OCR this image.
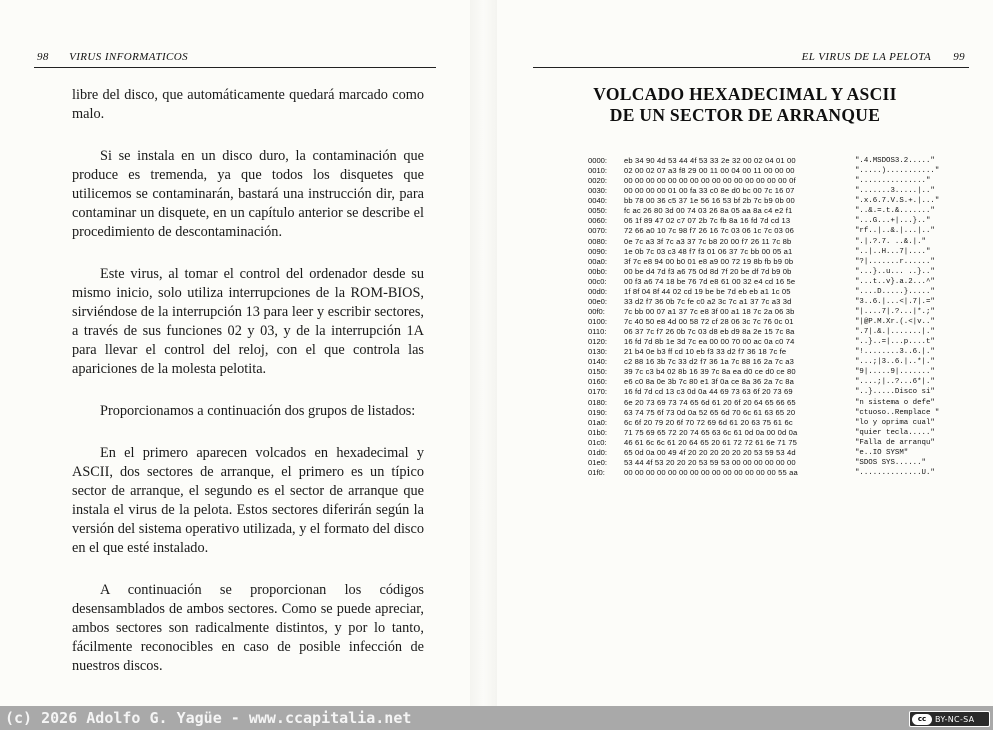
98 VIRUS INFORMATICOS

libre del disco, que automáticamente quedará marcado como malo.

Si se instala en un disco duro, la contaminación que produce es tremenda, ya que todos los disquetes que utilicemos se contaminarán, bastará una instrucción dir, para contaminar un disquete, en un capítulo anterior se describe el procedimiento de descontaminación.

Este virus, al tomar el control del ordenador desde su mismo inicio, solo utiliza interrupciones de la ROM-BIOS, sirviéndose de la interrupción 13 para leer y escribir sectores, a través de sus funciones 02 y 03, y de la interrupción 1A para llevar el control del reloj, con el que controla las apariciones de la molesta pelotita.

Proporcionamos a continuación dos grupos de listados:

En el primero aparecen volcados en hexadecimal y ASCII, dos sectores de arranque, el primero es un típico sector de arranque, el segundo es el sector de arranque que instala el virus de la pelota. Estos sectores diferirán según la versión del sistema operativo utilizada, y el formato del disco en el que esté instalado.

A continuación se proporcionan los códigos desensamblados de ambos sectores. Como se puede apreciar, ambos sectores son radicalmente distintos, y por lo tanto, fácilmente reconocibles en caso de posible infección de nuestros discos.

EL VIRUS DE LA PELOTA 99
VOLCADO HEXADECIMAL Y ASCII
DE UN SECTOR DE ARRANQUE
0000: eb 34 90 4d 53 44 4f 53 33 2e 32 00 02 04 01 00	".4.MSDOS3.2....."
0010: 02 00 02 07 a3 f8 29 00 11 00 04 00 11 00 00 00	".....)..........."
0020: 00 00 00 00 00 00 00 00 00 00 00 00 00 00 00 0f	"..............."
0030: 00 00 00 00 01 00 fa 33 c0 8e d0 bc 00 7c 16 07	".......3.....|.."
0040: bb 78 00 36 c5 37 1e 56 16 53 bf 2b 7c b9 0b 00	".x.6.7.V.S.+.|..."
0050: fc ac 26 80 3d 00 74 03 26 8a 05 aa 8a c4 e2 f1	"..&.=.t.&......."
0060: 06 1f 89 47 02 c7 07 2b 7c fb 8a 16 fd 7d cd 13	"...G...+|...}.."
0070: 72 66 a0 10 7c 98 f7 26 16 7c 03 06 1c 7c 03 06	"rf..|..&.|...|.."
0080: 0e 7c a3 3f 7c a3 37 7c b8 20 00 f7 26 11 7c 8b	".|.?.7. ..&.|."
0090: 1e 0b 7c 03 c3 48 f7 f3 01 06 37 7c bb 00 05 a1	"..|..H...7|...."
00a0: 3f 7c e8 94 00 b0 01 e8 a9 00 72 19 8b fb b9 0b	"?|.......r......"
00b0: 00 be d4 7d f3 a6 75 0d 8d 7f 20 be df 7d b9 0b	"...}..u... ..}.."
00c0: 00 f3 a6 74 18 be 76 7d e8 61 00 32 e4 cd 16 5e	"...t..v}.a.2...^"
00d0: 1f 8f 04 8f 44 02 cd 19 be be 7d eb eb a1 1c 05	"....D.....}....."
00e0: 33 d2 f7 36 0b 7c fe c0 a2 3c 7c a1 37 7c a3 3d	"3..6.|...<|.7|.="
00f0:	7c bb 00 07 a1 37 7c e8 3f 00 a1 18 7c 2a 06 3b	"|....7|.?...|*.;"
0100: 7c 40 50 e8 4d 00 58 72 cf 28 06 3c 7c 76 0c 01	"|@P.M.Xr.(.<|v.."
0110: 06 37 7c f7 26 0b 7c 03 d8 eb d9 8a 2e 15 7c 8a	".7|.&.|.......|."
0120: 16 fd 7d 8b 1e 3d 7c ea 00 00 70 00 ac 0a c0 74	"..}..=|...p....t"
0130: 21 b4 0e b3 ff cd 10 eb f3 33 d2 f7 36 18 7c fe	"!........3..6.|."
0140: c2 88 16 3b 7c 33 d2 f7 36 1a 7c 88 16 2a 7c a3	"...;|3..6.|..*|."
0150: 39 7c c3 b4 02 8b 16 39 7c 8a ea d0 ce d0 ce 80	"9|.....9|......."
0160: e6 c0 8a 0e 3b 7c 80 e1 3f 0a ce 8a 36 2a 7c 8a	"....;|..?...6*|."
0170: 16 fd 7d cd 13 c3 0d 0a 44 69 73 63 6f 20 73 69	"..}.....Disco si"
0180: 6e 20 73 69 73 74 65 6d 61 20 6f 20 64 65 66 65	"n sistema o defe"
0190: 63 74 75 6f 73 0d 0a 52 65 6d 70 6c 61 63 65 20	"ctuoso..Remplace "
01a0: 6c 6f 20 79 20 6f 70 72 69 6d 61 20 63 75 61 6c	"lo y oprima cual"
01b0: 71 75 69 65 72 20 74 65 63 6c 61 0d 0a 00 0d 0a	"quier tecla....."
01c0: 46 61 6c 6c 61 20 64 65 20 61 72 72 61 6e 71 75	"Falla de arranqu"
01d0: 65 0d 0a 00 49 4f 20 20 20 20 20 20 53 59 53 4d	"e..IO SYSM"
01e0: 53 44 4f 53 20 20 20 53 59 53 00 00 00 00 00 00	"SDOS SYS......"
01f0:	00 00 00 00 00 00 00 00 00 00 00 00 00 00 55 aa	"..............U."
(c) 2026 Adolfo G. Yagüe - www.ccapitalia.net	cc	BY-NC-SA
